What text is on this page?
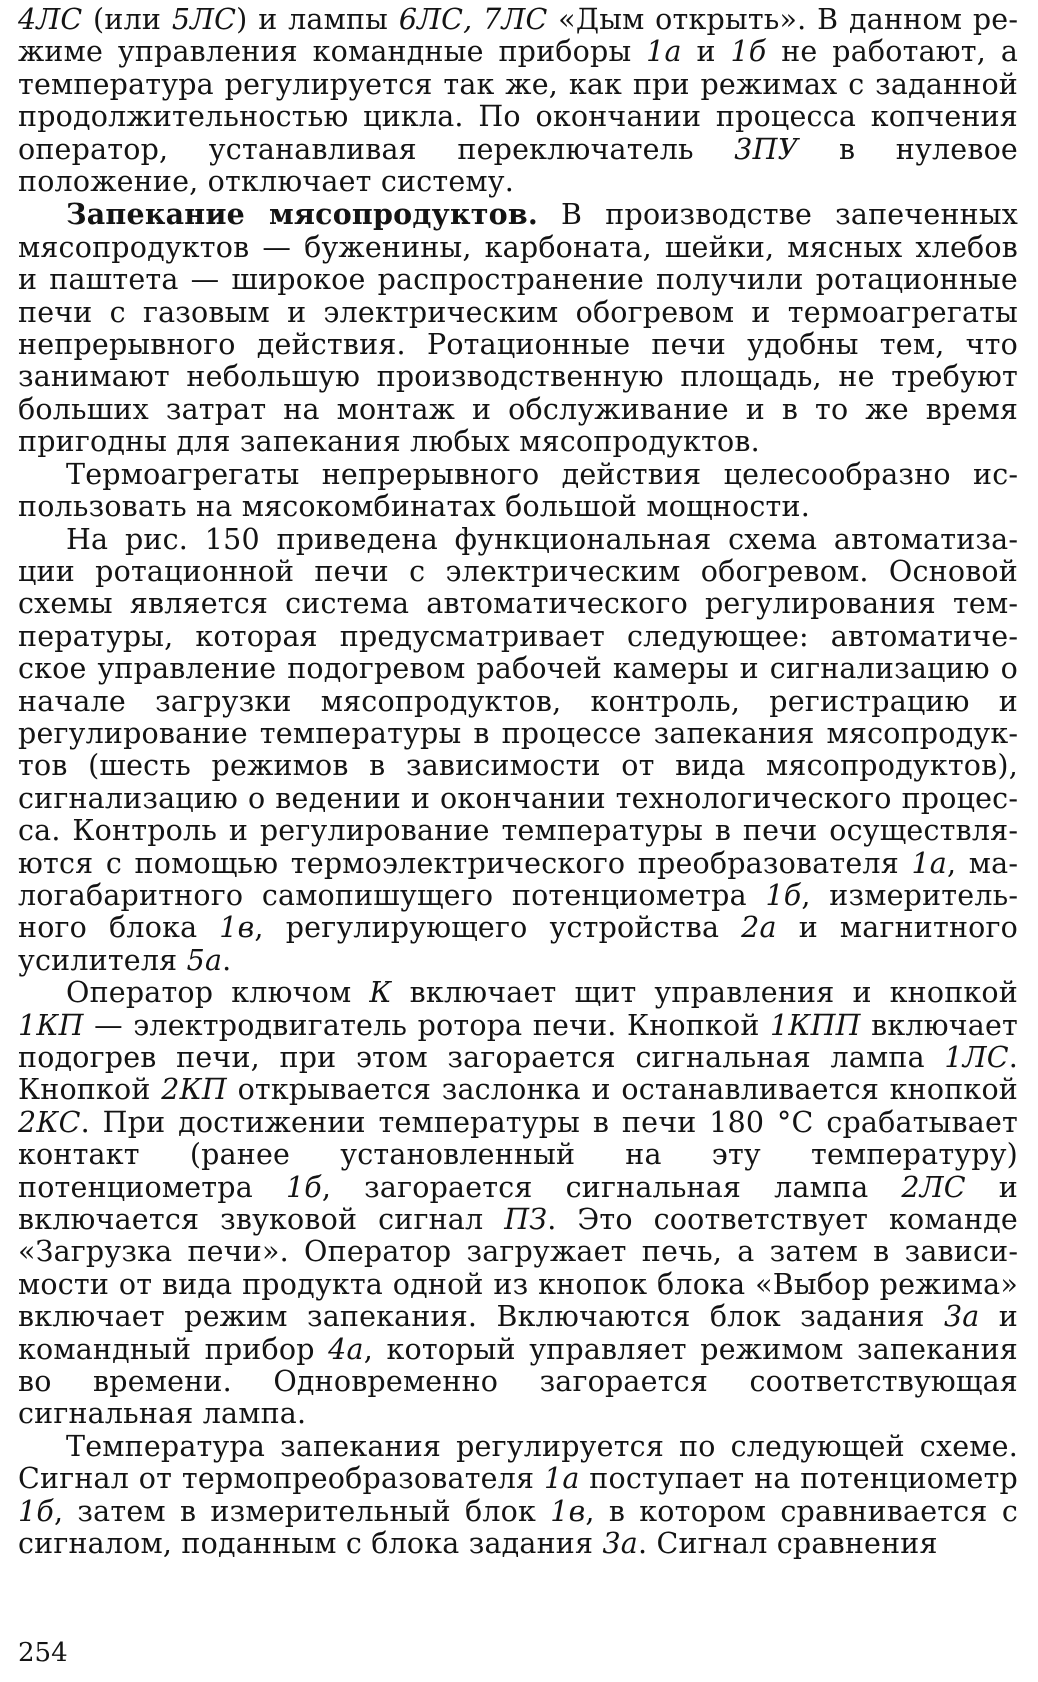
4ЛС (или 5ЛС) и лампы 6ЛС, 7ЛС «Дым открыть». В данном режиме управления командные приборы 1а и 1б не работают, а температура регулируется так же, как при режимах с заданной продолжительностью цикла. По окончании процесса копчения оператор, устанавливая переключатель 3ПУ в нулевое положение, отключает систему.

Запекание мясопродуктов. В производстве запеченных мясопродуктов — буженины, карбоната, шейки, мясных хлебов и паштета — широкое распространение получили ротационные печи с газовым и электрическим обогревом и термоагрегаты непрерывного действия. Ротационные печи удобны тем, что занимают небольшую производственную площадь, не требуют больших затрат на монтаж и обслуживание и в то же время пригодны для запекания любых мясопродуктов.

Термоагрегаты непрерывного действия целесообразно использовать на мясокомбинатах большой мощности.

На рис. 150 приведена функциональная схема автоматизации ротационной печи с электрическим обогревом. Основой схемы является система автоматического регулирования температуры, которая предусматривает следующее: автоматическое управление подогревом рабочей камеры и сигнализацию о начале загрузки мясопродуктов, контроль, регистрацию и регулирование температуры в процессе запекания мясопродуктов (шесть режимов в зависимости от вида мясопродуктов), сигнализацию о ведении и окончании технологического процесса. Контроль и регулирование температуры в печи осуществляются с помощью термоэлектрического преобразователя 1а, малогабаритного самопишущего потенциометра 1б, измерительного блока 1в, регулирующего устройства 2а и магнитного усилителя 5а.

Оператор ключом К включает щит управления и кнопкой 1КП — электродвигатель ротора печи. Кнопкой 1КПП включает подогрев печи, при этом загорается сигнальная лампа 1ЛС. Кнопкой 2КП открывается заслонка и останавливается кнопкой 2КС. При достижении температуры в печи 180 °С срабатывает контакт (ранее установленный на эту температуру) потенциометра 1б, загорается сигнальная лампа 2ЛС и включается звуковой сигнал ПЗ. Это соответствует команде «Загрузка печи». Оператор загружает печь, а затем в зависимости от вида продукта одной из кнопок блока «Выбор режима» включает режим запекания. Включаются блок задания 3а и командный прибор 4а, который управляет режимом запекания во времени. Одновременно загорается соответствующая сигнальная лампа.

Температура запекания регулируется по следующей схеме. Сигнал от термопреобразователя 1а поступает на потенциометр 1б, затем в измерительный блок 1в, в котором сравнивается с сигналом, поданным с блока задания 3а. Сигнал сравнения

254
